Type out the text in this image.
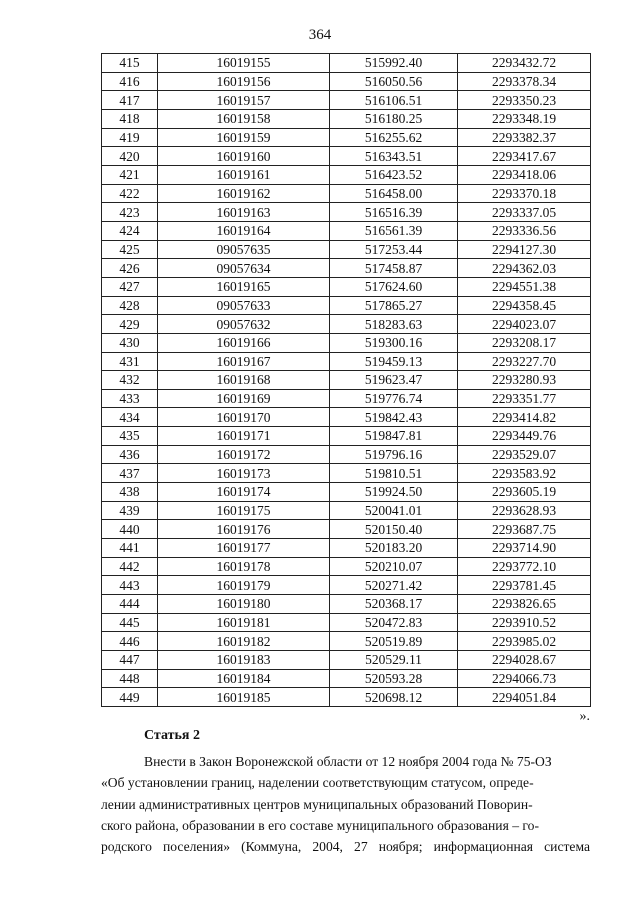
364
415	16019155	515992.40	2293432.72
416	16019156	516050.56	2293378.34
417	16019157	516106.51	2293350.23
418	16019158	516180.25	2293348.19
419	16019159	516255.62	2293382.37
420	16019160	516343.51	2293417.67
421	16019161	516423.52	2293418.06
422	16019162	516458.00	2293370.18
423	16019163	516516.39	2293337.05
424	16019164	516561.39	2293336.56
425	09057635	517253.44	2294127.30
426	09057634	517458.87	2294362.03
427	16019165	517624.60	2294551.38
428	09057633	517865.27	2294358.45
429	09057632	518283.63	2294023.07
430	16019166	519300.16	2293208.17
431	16019167	519459.13	2293227.70
432	16019168	519623.47	2293280.93
433	16019169	519776.74	2293351.77
434	16019170	519842.43	2293414.82
435	16019171	519847.81	2293449.76
436	16019172	519796.16	2293529.07
437	16019173	519810.51	2293583.92
438	16019174	519924.50	2293605.19
439	16019175	520041.01	2293628.93
440	16019176	520150.40	2293687.75
441	16019177	520183.20	2293714.90
442	16019178	520210.07	2293772.10
443	16019179	520271.42	2293781.45
444	16019180	520368.17	2293826.65
445	16019181	520472.83	2293910.52
446	16019182	520519.89	2293985.02
447	16019183	520529.11	2294028.67
448	16019184	520593.28	2294066.73
449	16019185	520698.12	2294051.84
».
Статья 2

Внести в Закон Воронежской области от 12 ноября 2004 года № 75-ОЗ
«Об установлении границ, наделении соответствующим статусом, опреде-
лении административных центров муниципальных образований Поворин-
ского района, образовании в его составе муниципального образования – го-
родского поселения» (Коммуна, 2004, 27 ноября; информационная система
